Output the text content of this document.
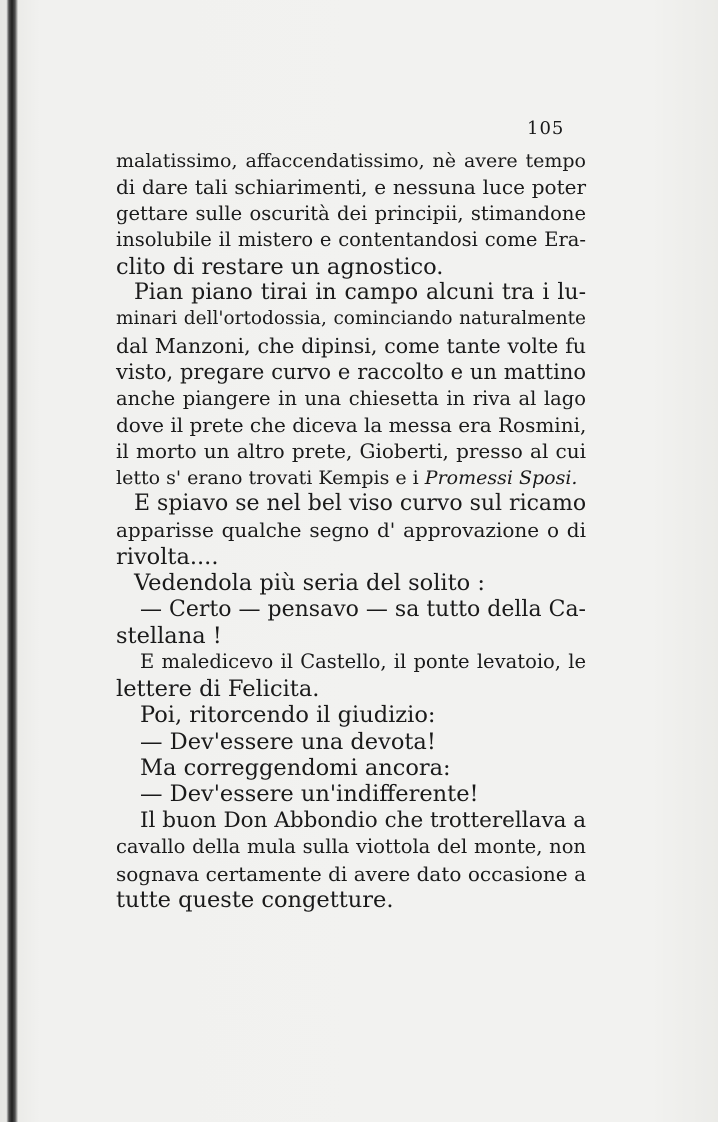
105
malatissimo, affaccendatissimo, nè avere tempo
di dare tali schiarimenti, e nessuna luce poter
gettare sulle oscurità dei principii, stimandone
insolubile il mistero e contentandosi come Era-
clito di restare un agnostico.
Pian piano tirai in campo alcuni tra i lu-
minari dell'ortodossia, cominciando naturalmente
dal Manzoni, che dipinsi, come tante volte fu
visto, pregare curvo e raccolto e un mattino
anche piangere in una chiesetta in riva al lago
dove il prete che diceva la messa era Rosmini,
il morto un altro prete, Gioberti, presso al cui
letto s' erano trovati Kempis e i Promessi Sposi.
E spiavo se nel bel viso curvo sul ricamo
apparisse qualche segno d' approvazione o di
rivolta....
Vedendola più seria del solito :
— Certo — pensavo — sa tutto della Ca-
stellana !
E maledicevo il Castello, il ponte levatoio, le
lettere di Felicita.
Poi, ritorcendo il giudizio:
— Dev'essere una devota!
Ma correggendomi ancora:
— Dev'essere un'indifferente!
Il buon Don Abbondio che trotterellava a
cavallo della mula sulla viottola del monte, non
sognava certamente di avere dato occasione a
tutte queste congetture.
